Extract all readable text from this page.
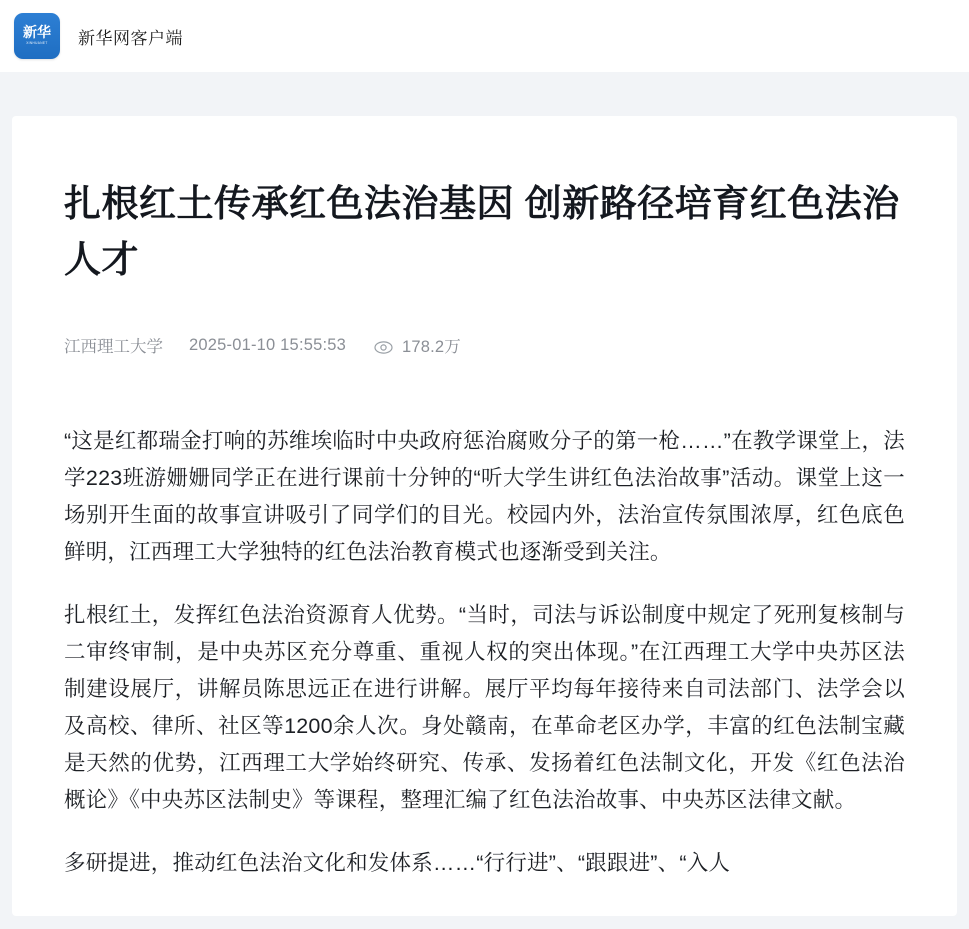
新华
XINHUANET 新华网客户端
扎根红土传承红色法治基因 创新路径培育红色法治人才
江西理工大学 2025-01-10 15:55:53	178.2万

“这是红都瑞金打响的苏维埃临时中央政府惩治腐败分子的第一枪……”在教学课堂上，法学223班游姗姗同学正在进行课前十分钟的“听大学生讲红色法治故事”活动。课堂上这一场别开生面的故事宣讲吸引了同学们的目光。校园内外，法治宣传氛围浓厚，红色底色鲜明，江西理工大学独特的红色法治教育模式也逐渐受到关注。

扎根红土，发挥红色法治资源育人优势。“当时，司法与诉讼制度中规定了死刑复核制与二审终审制，是中央苏区充分尊重、重视人权的突出体现。”在江西理工大学中央苏区法制建设展厅，讲解员陈思远正在进行讲解。展厅平均每年接待来自司法部门、法学会以及高校、律所、社区等1200余人次。身处赣南，在革命老区办学，丰富的红色法制宝藏是天然的优势，江西理工大学始终研究、传承、发扬着红色法制文化，开发《红色法治概论》《中央苏区法制史》等课程，整理汇编了红色法治故事、中央苏区法律文献。

多研提进，推动红色法治文化和发体系……“行行进”、“跟跟进”、“入人
